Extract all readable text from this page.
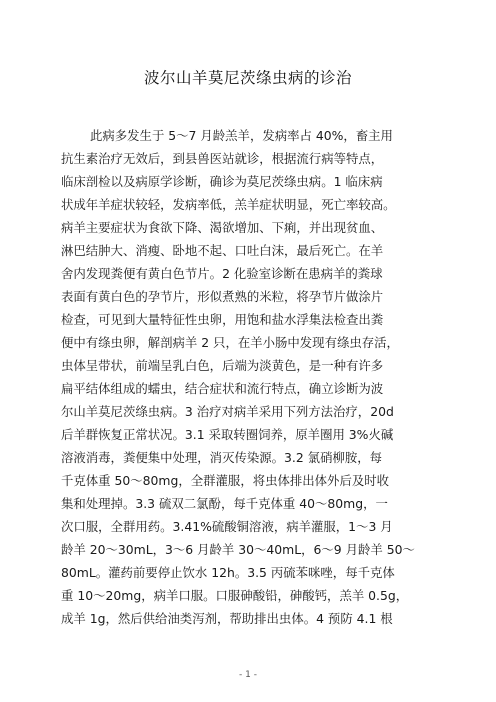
波尔山羊莫尼茨绦虫病的诊治
此病多发生于 5～7 月龄羔羊，发病率占 40%，畜主用
抗生素治疗无效后，到县兽医站就诊，根据流行病等特点，
临床剖检以及病原学诊断，确诊为莫尼茨绦虫病。1 临床病
状成年羊症状较轻，发病率低，羔羊症状明显，死亡率较高。
病羊主要症状为食欲下降、渴欲增加、下痢，并出现贫血、
淋巴结肿大、消瘦、卧地不起、口吐白沫，最后死亡。在羊
舍内发现粪便有黄白色节片。2 化验室诊断在患病羊的粪球
表面有黄白色的孕节片，形似煮熟的米粒，将孕节片做涂片
检查，可见到大量特征性虫卵，用饱和盐水浮集法检查出粪
便中有绦虫卵，解剖病羊 2 只，在羊小肠中发现有绦虫存活，
虫体呈带状，前端呈乳白色，后端为淡黄色，是一种有许多
扁平结体组成的蠕虫，结合症状和流行特点，确立诊断为波
尔山羊莫尼茨绦虫病。3 治疗对病羊采用下列方法治疗，20d
后羊群恢复正常状况。3.1 采取转圈饲养，原羊圈用 3%火碱
溶液消毒，粪便集中处理，消灭传染源。3.2 氯硝柳胺，每
千克体重 50～80mg，全群灌服，将虫体排出体外后及时收
集和处理掉。3.3 硫双二氯酚，每千克体重 40～80mg，一
次口服，全群用药。3.41%硫酸铜溶液，病羊灌服，1～3 月
龄羊 20～30mL，3～6 月龄羊 30～40mL，6～9 月龄羊 50～
80mL。灌药前要停止饮水 12h。3.5 丙硫苯咪唑，每千克体
重 10～20mg，病羊口服。口服砷酸铅，砷酸钙，羔羊 0.5g，
成羊 1g，然后供给油类泻剂，帮助排出虫体。4 预防 4.1 根
- 1 -
